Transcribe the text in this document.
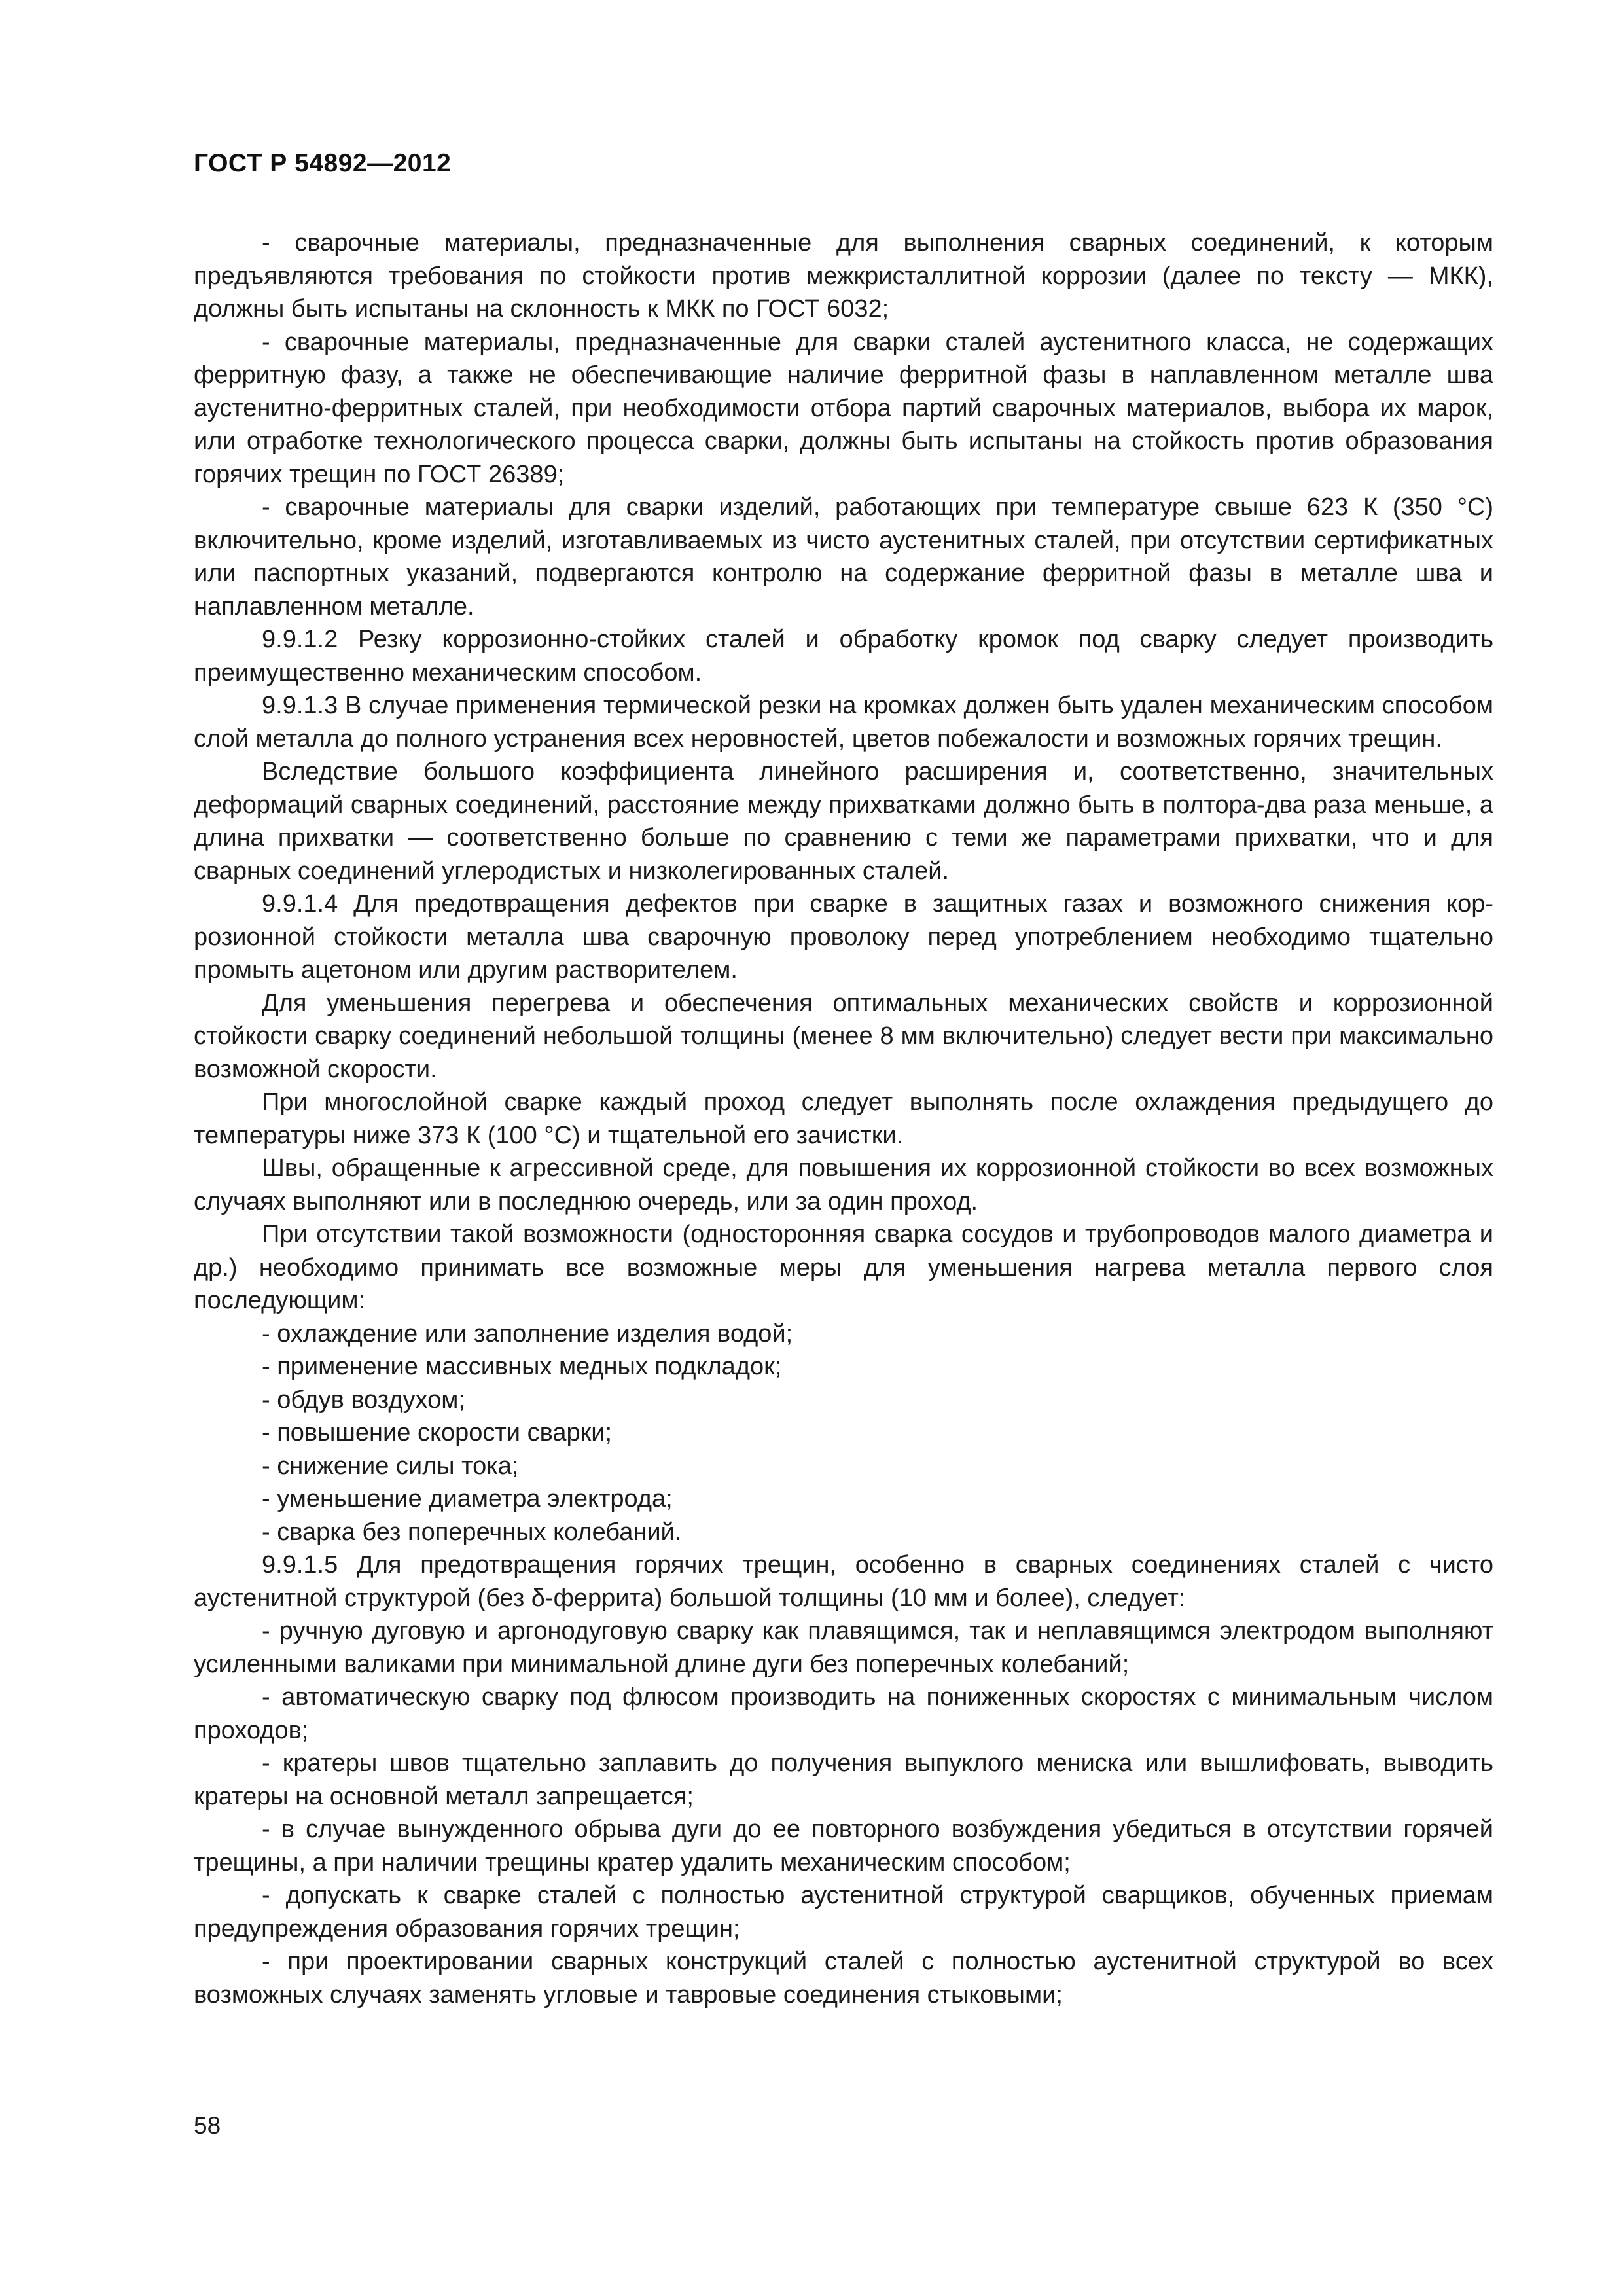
ГОСТ Р 54892—2012

- сварочные материалы, предназначенные для выполнения сварных соединений, к которым предъявляются требования по стойкости против межкристаллитной коррозии (далее по тексту — МКК), должны быть испытаны на склонность к МКК по ГОСТ 6032;

- сварочные материалы, предназначенные для сварки сталей аустенитного класса, не содержащих ферритную фазу, а также не обеспечивающие наличие ферритной фазы в наплавленном металле шва аустенитно-ферритных сталей, при необходимости отбора партий сварочных материалов, выбора их марок, или отработке технологического процесса сварки, должны быть испытаны на стойкость против образования горячих трещин по ГОСТ 26389;

- сварочные материалы для сварки изделий, работающих при температуре свыше 623 К (350 °С) включительно, кроме изделий, изготавливаемых из чисто аустенитных сталей, при отсутствии сертификатных или паспортных указаний, подвергаются контролю на содержание ферритной фазы в металле шва и наплавленном металле.

9.9.1.2 Резку коррозионно-стойких сталей и обработку кромок под сварку следует производить преимущественно механическим способом.

9.9.1.3 В случае применения термической резки на кромках должен быть удален механическим способом слой металла до полного устранения всех неровностей, цветов побежалости и возможных горячих трещин.

Вследствие большого коэффициента линейного расширения и, соответственно, значительных деформаций сварных соединений, расстояние между прихватками должно быть в полтора-два раза меньше, а длина прихватки — соответственно больше по сравнению с теми же параметрами прихватки, что и для сварных соединений углеродистых и низколегированных сталей.

9.9.1.4 Для предотвращения дефектов при сварке в защитных газах и возможного снижения коррозионной стойкости металла шва сварочную проволоку перед употреблением необходимо тщательно промыть ацетоном или другим растворителем.

Для уменьшения перегрева и обеспечения оптимальных механических свойств и коррозионной стойкости сварку соединений небольшой толщины (менее 8 мм включительно) следует вести при максимально возможной скорости.

При многослойной сварке каждый проход следует выполнять после охлаждения предыдущего до температуры ниже 373 К (100 °С) и тщательной его зачистки.

Швы, обращенные к агрессивной среде, для повышения их коррозионной стойкости во всех возможных случаях выполняют или в последнюю очередь, или за один проход.

При отсутствии такой возможности (односторонняя сварка сосудов и трубопроводов малого диаметра и др.) необходимо принимать все возможные меры для уменьшения нагрева металла первого слоя последующим:

- охлаждение или заполнение изделия водой;

- применение массивных медных подкладок;

- обдув воздухом;

- повышение скорости сварки;

- снижение силы тока;

- уменьшение диаметра электрода;

- сварка без поперечных колебаний.

9.9.1.5 Для предотвращения горячих трещин, особенно в сварных соединениях сталей с чисто аустенитной структурой (без δ-феррита) большой толщины (10 мм и более), следует:

- ручную дуговую и аргонодуговую сварку как плавящимся, так и неплавящимся электродом выполняют усиленными валиками при минимальной длине дуги без поперечных колебаний;

- автоматическую сварку под флюсом производить на пониженных скоростях с минимальным числом проходов;

- кратеры швов тщательно заплавить до получения выпуклого мениска или вышлифовать, выводить кратеры на основной металл запрещается;

- в случае вынужденного обрыва дуги до ее повторного возбуждения убедиться в отсутствии горячей трещины, а при наличии трещины кратер удалить механическим способом;

- допускать к сварке сталей с полностью аустенитной структурой сварщиков, обученных приемам предупреждения образования горячих трещин;

- при проектировании сварных конструкций сталей с полностью аустенитной структурой во всех возможных случаях заменять угловые и тавровые соединения стыковыми;

58
